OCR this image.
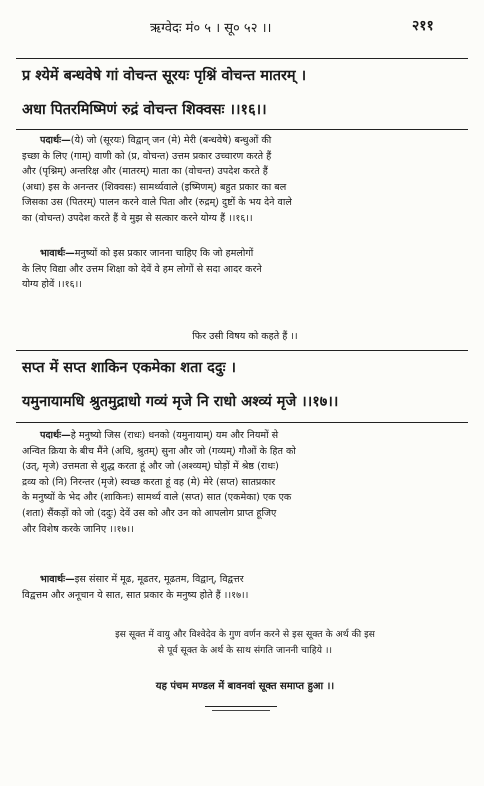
ऋग्वेदः मं० ५ । सू० ५२ ।।	२११
प्र श्येमें बन्धवेषे गां वोचन्त सूरयः पृश्निं वोचन्त मातरम् ।
अधा पितरमिष्मिणं रुद्रं वोचन्त शिक्वसः ।।१६।।
पदार्थः—(ये) जो (सूरयः) विद्वान् जन (मे) मेरी (बन्धवेषे) बन्धुओं की
इच्छा के लिए (गाम्) वाणी को (प्र, वोचन्त) उत्तम प्रकार उच्चारण करते हैं
और (पृश्निम्) अन्तरिक्ष और (मातरम्) माता का (वोचन्त) उपदेश करते हैं
(अधा) इस के अनन्तर (शिक्वसः) सामर्थ्यवाले (इष्मिणम्) बहुत प्रकार का बल
जिसका उस (पितरम्) पालन करने वाले पिता और (रुद्रम्) दुष्टों के भय देने वाले
का (वोचन्त) उपदेश करते हैं वे मुझ से सत्कार करने योग्य हैं ।।१६।।
भावार्थः—मनुष्यों को इस प्रकार जानना चाहिए कि जो हमलोगों
के लिए विद्या और उत्तम शिक्षा को देवें वे हम लोगों से सदा आदर करने
योग्य होवें ।।१६।।
फिर उसी विषय को कहते हैं ।।
सप्त में सप्त शाकिन एकमेका शता ददुः ।
यमुनायामधि श्रुतमुद्राधो गव्यं मृजे नि राधो अश्व्यं मृजे ।।१७।।
पदार्थः—हे मनुष्यो जिस (राधः) धनको (यमुनायाम्) यम और नियमों से
अन्वित क्रिया के बीच मैंने (अधि, श्रुतम्) सुना और जो (गव्यम्) गौओं के हित को
(उत्, मृजे) उत्तमता से शुद्ध करता हूं और जो (अश्व्यम्) घोड़ों में श्रेष्ठ (राधः)
द्रव्य को (नि) निरन्तर (मृजे) स्वच्छ करता हूं वह (मे) मेरे (सप्त) सातप्रकार
के मनुष्यों के भेद और (शाकिनः) सामर्थ्य वाले (सप्त) सात (एकमेका) एक एक
(शता) सैंकड़ों को जो (ददुः) देवें उस को और उन को आपलोग प्राप्त हूजिए
और विशेष करके जानिए ।।१७।।
भावार्थः—इस संसार में मूढ, मूढतर, मूढतम, विद्वान्, विद्वत्तर
विद्वत्तम और अनूचान ये सात, सात प्रकार के मनुष्य होते हैं ।।१७।।
इस सूक्त में वायु और विश्वेदेव के गुण वर्णन करने से इस सूक्त के अर्थ की इस
से पूर्व सूक्त के अर्थ के साथ संगति जाननी चाहिये ।।
यह पंचम मण्डल में बावनवां सूक्त समाप्त हुआ ।।
